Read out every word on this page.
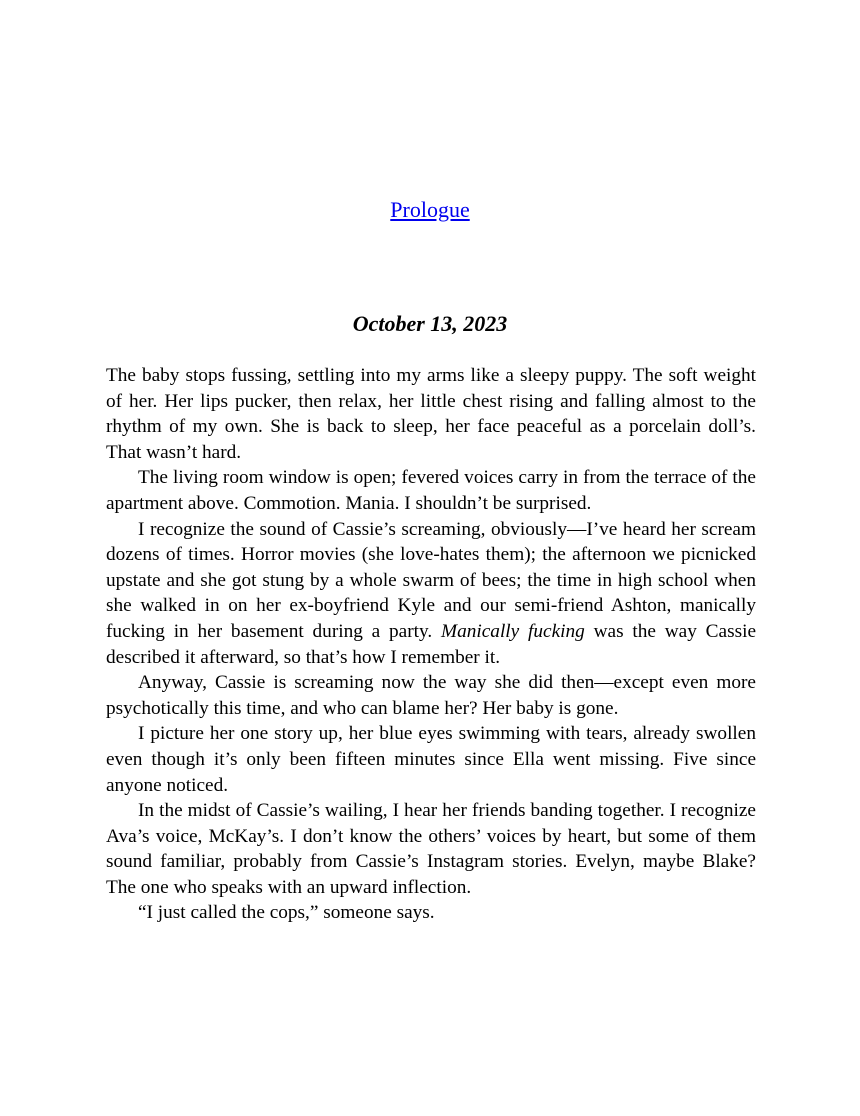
Prologue
October 13, 2023

The baby stops fussing, settling into my arms like a sleepy puppy. The soft weight of her. Her lips pucker, then relax, her little chest rising and falling almost to the rhythm of my own. She is back to sleep, her face peaceful as a porcelain doll’s. That wasn’t hard.

The living room window is open; fevered voices carry in from the terrace of the apartment above. Commotion. Mania. I shouldn’t be surprised.

I recognize the sound of Cassie’s screaming, obviously—I’ve heard her scream dozens of times. Horror movies (she love-hates them); the afternoon we picnicked upstate and she got stung by a whole swarm of bees; the time in high school when she walked in on her ex-boyfriend Kyle and our semi-friend Ashton, manically fucking in her basement during a party. Manically fucking was the way Cassie described it afterward, so that’s how I remember it.

Anyway, Cassie is screaming now the way she did then—except even more psychotically this time, and who can blame her? Her baby is gone.

I picture her one story up, her blue eyes swimming with tears, already swollen even though it’s only been fifteen minutes since Ella went missing. Five since anyone noticed.

In the midst of Cassie’s wailing, I hear her friends banding together. I recognize Ava’s voice, McKay’s. I don’t know the others’ voices by heart, but some of them sound familiar, probably from Cassie’s Instagram stories. Evelyn, maybe Blake? The one who speaks with an upward inflection.

“I just called the cops,” someone says.
